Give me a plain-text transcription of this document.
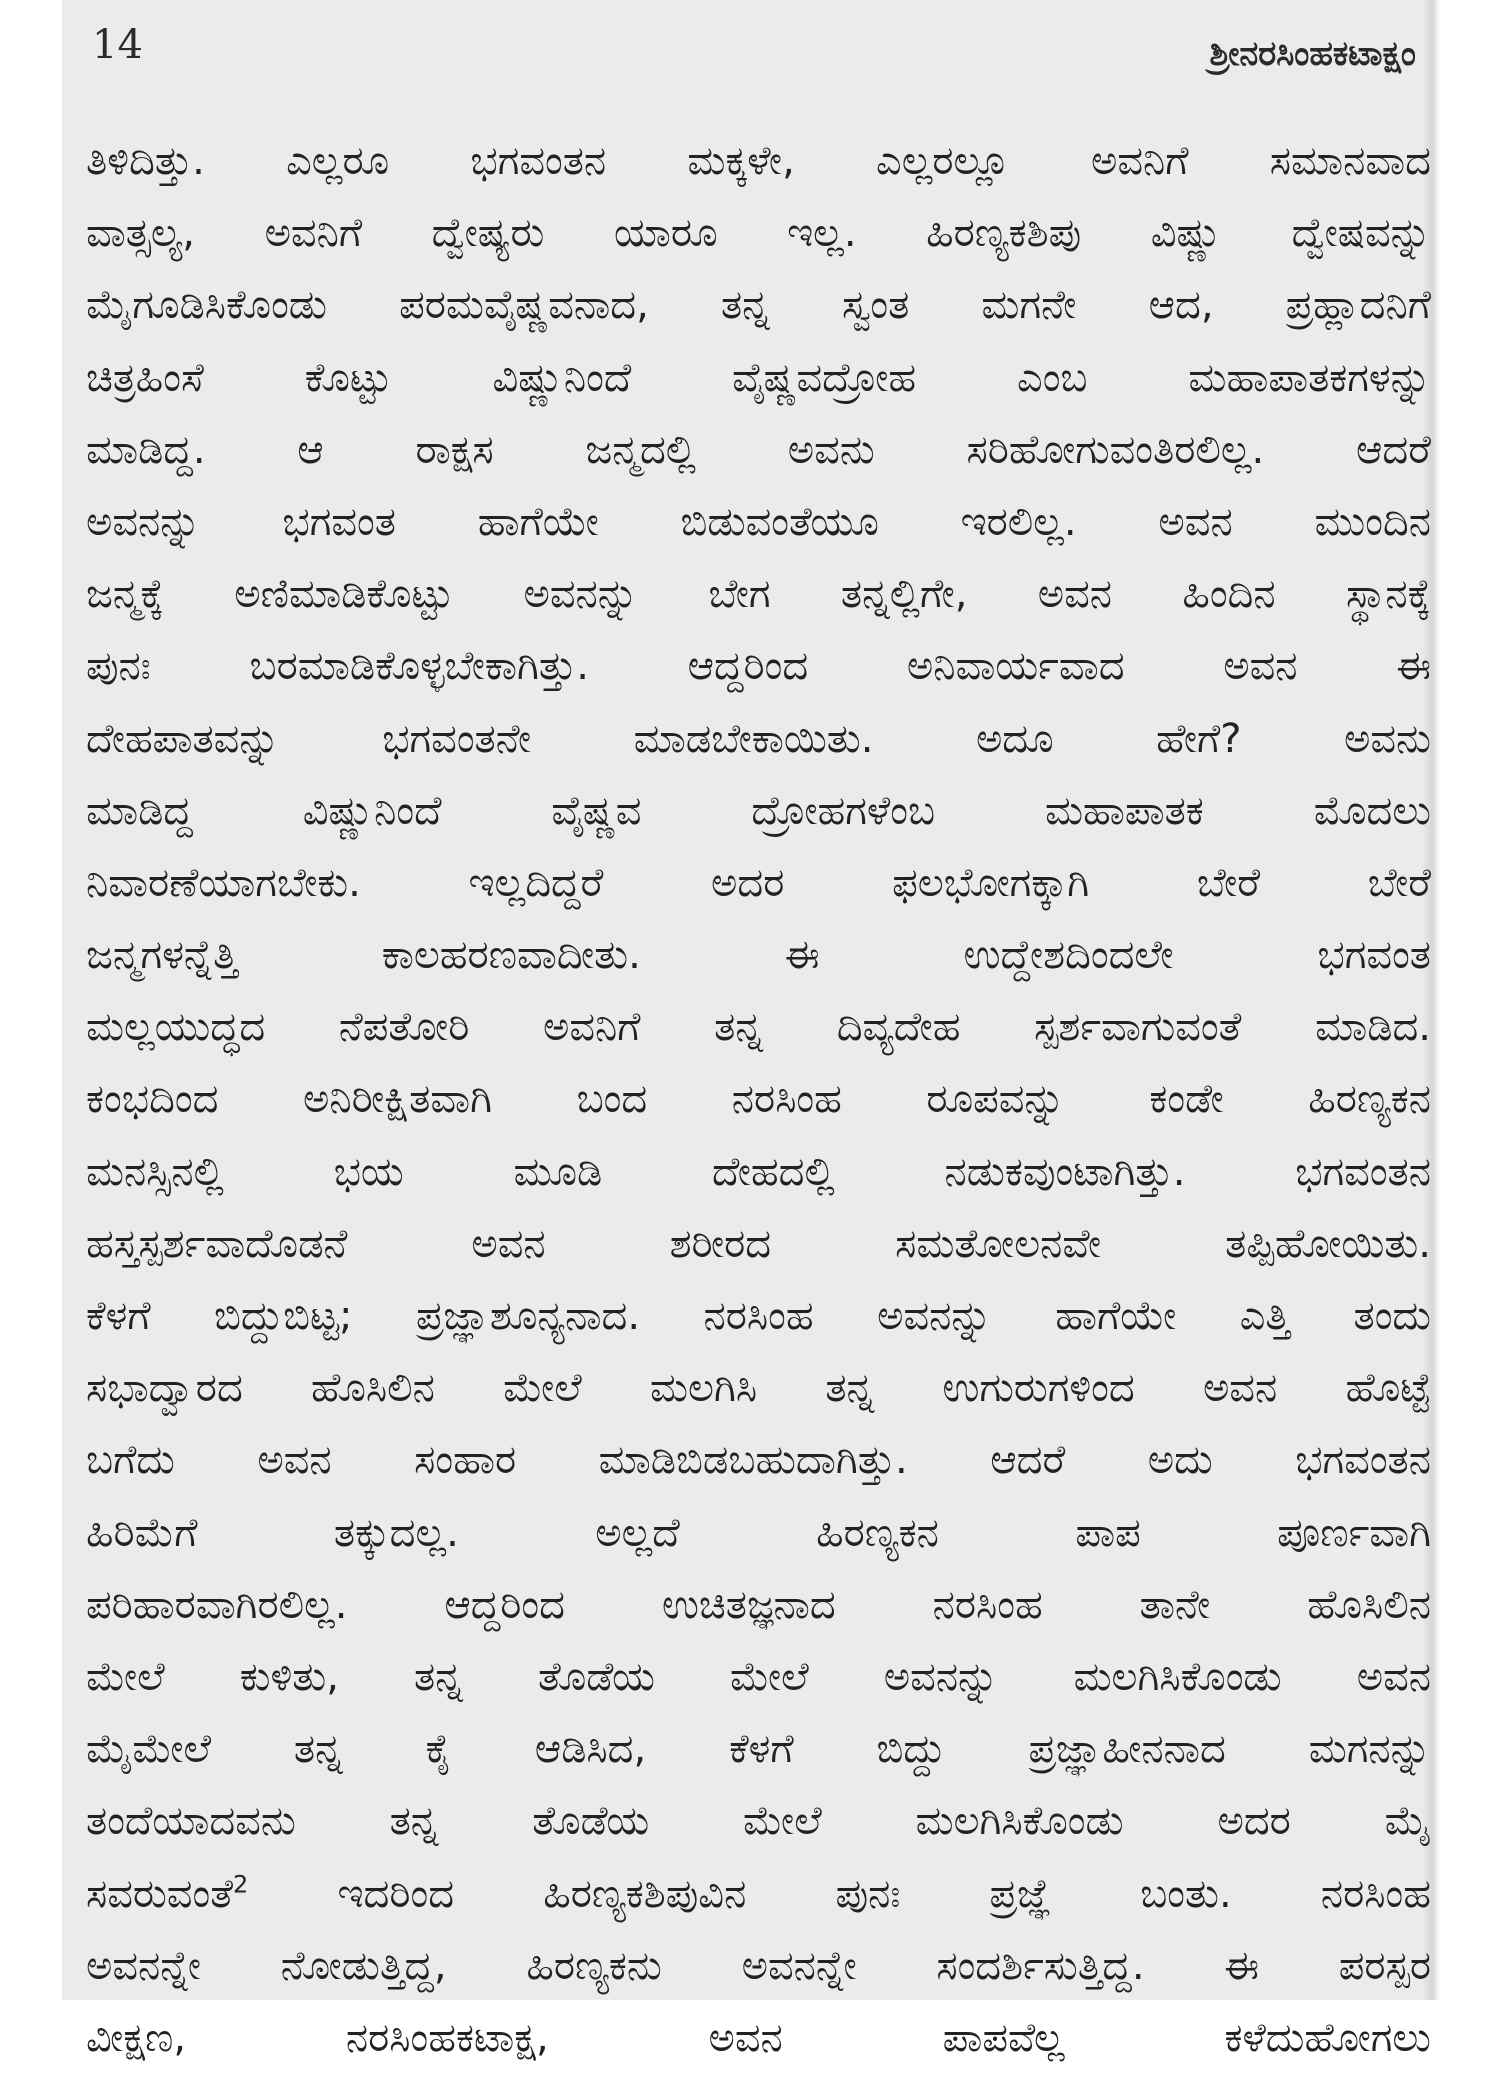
14	ಶ್ರೀನರಸಿಂಹಕಟಾಕ್ಷಂ
ತಿಳಿದಿತ್ತು. ಎಲ್ಲರೂ ಭಗವಂತನ ಮಕ್ಕಳೇ, ಎಲ್ಲರಲ್ಲೂ ಅವನಿಗೆ ಸಮಾನವಾದ
ವಾತ್ಸಲ್ಯ, ಅವನಿಗೆ ದ್ವೇಷ್ಯರು ಯಾರೂ ಇಲ್ಲ. ಹಿರಣ್ಯಕಶಿಪು ವಿಷ್ಣು ದ್ವೇಷವನ್ನು
ಮೈಗೂಡಿಸಿಕೊಂಡು ಪರಮವೈಷ್ಣವನಾದ, ತನ್ನ ಸ್ವಂತ ಮಗನೇ ಆದ, ಪ್ರಹ್ಲಾದನಿಗೆ
ಚಿತ್ರಹಿಂಸೆ ಕೊಟ್ಟು ವಿಷ್ಣುನಿಂದೆ ವೈಷ್ಣವದ್ರೋಹ ಎಂಬ ಮಹಾಪಾತಕಗಳನ್ನು
ಮಾಡಿದ್ದ. ಆ ರಾಕ್ಷಸ ಜನ್ಮದಲ್ಲಿ ಅವನು ಸರಿಹೋಗುವಂತಿರಲಿಲ್ಲ. ಆದರೆ
ಅವನನ್ನು ಭಗವಂತ ಹಾಗೆಯೇ ಬಿಡುವಂತೆಯೂ ಇರಲಿಲ್ಲ. ಅವನ ಮುಂದಿನ
ಜನ್ಮಕ್ಕೆ ಅಣಿಮಾಡಿಕೊಟ್ಟು ಅವನನ್ನು ಬೇಗ ತನ್ನಲ್ಲಿಗೇ, ಅವನ ಹಿಂದಿನ ಸ್ಥಾನಕ್ಕೆ
ಪುನಃ ಬರಮಾಡಿಕೊಳ್ಳಬೇಕಾಗಿತ್ತು. ಆದ್ದರಿಂದ ಅನಿವಾರ್ಯವಾದ ಅವನ ಈ
ದೇಹಪಾತವನ್ನು ಭಗವಂತನೇ ಮಾಡಬೇಕಾಯಿತು. ಅದೂ ಹೇಗೆ? ಅವನು
ಮಾಡಿದ್ದ ವಿಷ್ಣುನಿಂದೆ ವೈಷ್ಣವ ದ್ರೋಹಗಳೆಂಬ ಮಹಾಪಾತಕ ಮೊದಲು
ನಿವಾರಣೆಯಾಗಬೇಕು. ಇಲ್ಲದಿದ್ದರೆ ಅದರ ಫಲಭೋಗಕ್ಕಾಗಿ ಬೇರೆ ಬೇರೆ
ಜನ್ಮಗಳನ್ನೆತ್ತಿ ಕಾಲಹರಣವಾದೀತು. ಈ ಉದ್ದೇಶದಿಂದಲೇ ಭಗವಂತ
ಮಲ್ಲಯುದ್ಧದ ನೆಪತೋರಿ ಅವನಿಗೆ ತನ್ನ ದಿವ್ಯದೇಹ ಸ್ಪರ್ಶವಾಗುವಂತೆ ಮಾಡಿದ.
ಕಂಭದಿಂದ ಅನಿರೀಕ್ಷಿತವಾಗಿ ಬಂದ ನರಸಿಂಹ ರೂಪವನ್ನು ಕಂಡೇ ಹಿರಣ್ಯಕನ
ಮನಸ್ಸಿನಲ್ಲಿ ಭಯ ಮೂಡಿ ದೇಹದಲ್ಲಿ ನಡುಕವುಂಟಾಗಿತ್ತು. ಭಗವಂತನ
ಹಸ್ತಸ್ಪರ್ಶವಾದೊಡನೆ ಅವನ ಶರೀರದ ಸಮತೋಲನವೇ ತಪ್ಪಿಹೋಯಿತು.
ಕೆಳಗೆ ಬಿದ್ದುಬಿಟ್ಟ; ಪ್ರಜ್ಞಾಶೂನ್ಯನಾದ. ನರಸಿಂಹ ಅವನನ್ನು ಹಾಗೆಯೇ ಎತ್ತಿ ತಂದು
ಸಭಾದ್ವಾರದ ಹೊಸಿಲಿನ ಮೇಲೆ ಮಲಗಿಸಿ ತನ್ನ ಉಗುರುಗಳಿಂದ ಅವನ ಹೊಟ್ಟೆ
ಬಗೆದು ಅವನ ಸಂಹಾರ ಮಾಡಿಬಿಡಬಹುದಾಗಿತ್ತು. ಆದರೆ ಅದು ಭಗವಂತನ
ಹಿರಿಮೆಗೆ ತಕ್ಕುದಲ್ಲ. ಅಲ್ಲದೆ ಹಿರಣ್ಯಕನ ಪಾಪ ಪೂರ್ಣವಾಗಿ
ಪರಿಹಾರವಾಗಿರಲಿಲ್ಲ. ಆದ್ದರಿಂದ ಉಚಿತಜ್ಞನಾದ ನರಸಿಂಹ ತಾನೇ ಹೊಸಿಲಿನ
ಮೇಲೆ ಕುಳಿತು, ತನ್ನ ತೊಡೆಯ ಮೇಲೆ ಅವನನ್ನು ಮಲಗಿಸಿಕೊಂಡು ಅವನ
ಮೈಮೇಲೆ ತನ್ನ ಕೈ ಆಡಿಸಿದ, ಕೆಳಗೆ ಬಿದ್ದು ಪ್ರಜ್ಞಾಹೀನನಾದ ಮಗನನ್ನು
ತಂದೆಯಾದವನು ತನ್ನ ತೊಡೆಯ ಮೇಲೆ ಮಲಗಿಸಿಕೊಂಡು ಅದರ ಮೈ
ಸವರುವಂತೆ$^2$ ಇದರಿಂದ ಹಿರಣ್ಯಕಶಿಪುವಿನ ಪುನಃ ಪ್ರಜ್ಞೆ ಬಂತು. ನರಸಿಂಹ
ಅವನನ್ನೇ ನೋಡುತ್ತಿದ್ದ, ಹಿರಣ್ಯಕನು ಅವನನ್ನೇ ಸಂದರ್ಶಿಸುತ್ತಿದ್ದ. ಈ ಪರಸ್ಪರ
ವೀಕ್ಷಣ, ನರಸಿಂಹಕಟಾಕ್ಷ, ಅವನ ಪಾಪವೆಲ್ಲ ಕಳೆದುಹೋಗಲು
